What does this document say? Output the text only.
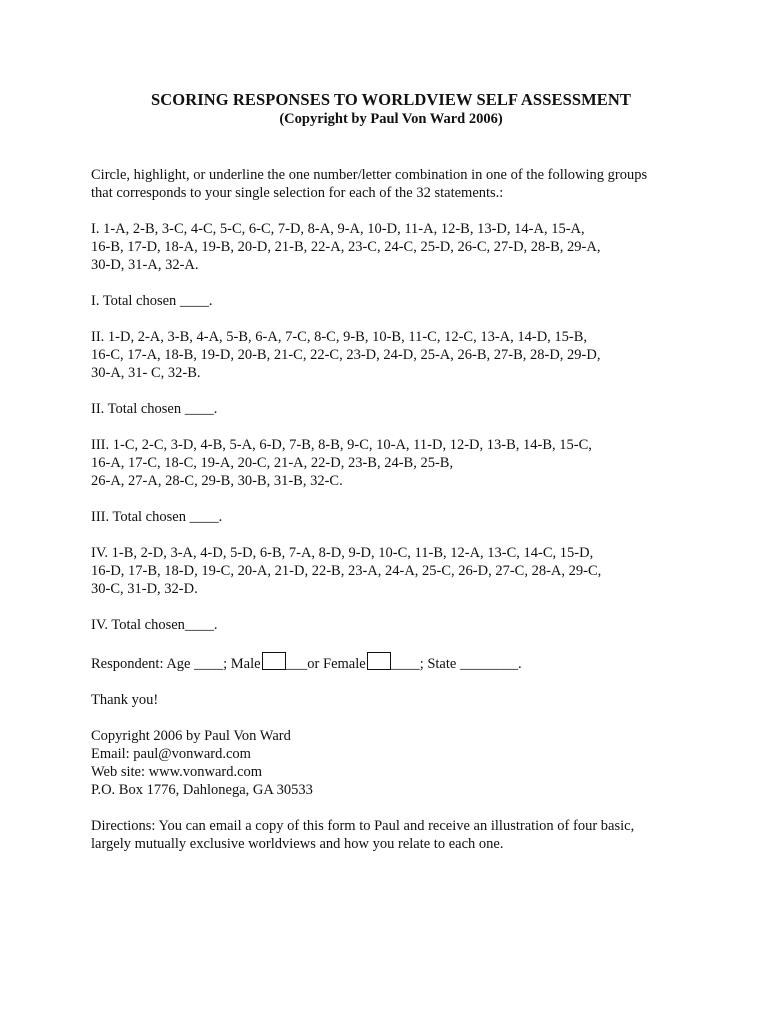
SCORING RESPONSES TO WORLDVIEW SELF ASSESSMENT

(Copyright by Paul Von Ward 2006)

Circle, highlight, or underline the one number/letter combination in one of the following groups
that corresponds to your single selection for each of the 32 statements.:

I. 1-A, 2-B, 3-C, 4-C, 5-C, 6-C, 7-D, 8-A, 9-A, 10-D, 11-A, 12-B, 13-D, 14-A, 15-A,
16-B, 17-D, 18-A, 19-B, 20-D, 21-B, 22-A, 23-C, 24-C, 25-D, 26-C, 27-D, 28-B, 29-A,
30-D, 31-A, 32-A.

I. Total chosen ____.

II. 1-D, 2-A, 3-B, 4-A, 5-B, 6-A, 7-C, 8-C, 9-B, 10-B, 11-C, 12-C, 13-A, 14-D, 15-B,
16-C, 17-A, 18-B, 19-D, 20-B, 21-C, 22-C, 23-D, 24-D, 25-A, 26-B, 27-B, 28-D, 29-D,
30-A, 31- C, 32-B.

II. Total chosen ____.

III. 1-C, 2-C, 3-D, 4-B, 5-A, 6-D, 7-B, 8-B, 9-C, 10-A, 11-D, 12-D, 13-B, 14-B, 15-C,
16-A, 17-C, 18-C, 19-A, 20-C, 21-A, 22-D, 23-B, 24-B, 25-B,
26-A, 27-A, 28-C, 29-B, 30-B, 31-B, 32-C.

III. Total chosen ____.

IV. 1-B, 2-D, 3-A, 4-D, 5-D, 6-B, 7-A, 8-D, 9-D, 10-C, 11-B, 12-A, 13-C, 14-C, 15-D,
16-D, 17-B, 18-D, 19-C, 20-A, 21-D, 22-B, 23-A, 24-A, 25-C, 26-D, 27-C, 28-A, 29-C,
30-C, 31-D, 32-D.

IV. Total chosen____.

Respondent: Age ____; Male ___or Female ____; State ________.

Thank you!

Copyright 2006 by Paul Von Ward

Email: paul@vonward.com

Web site: www.vonward.com

P.O. Box 1776, Dahlonega, GA 30533

Directions: You can email a copy of this form to Paul and receive an illustration of four basic,
largely mutually exclusive worldviews and how you relate to each one.
